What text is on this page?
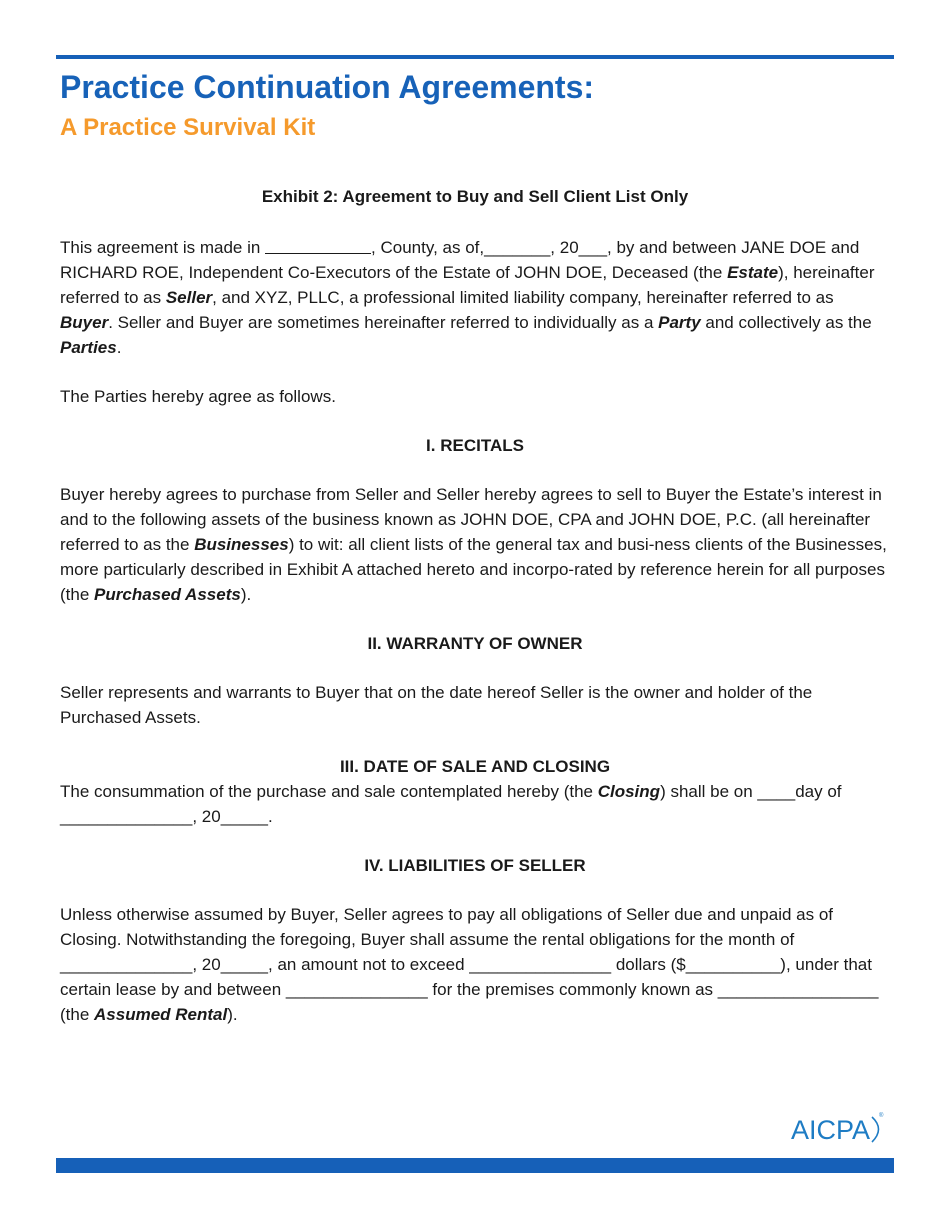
Practice Continuation Agreements:
A Practice Survival Kit

Exhibit 2: Agreement to Buy and Sell Client List Only

This agreement is made in	, County, as of,_______, 20___, by and between JANE DOE and RICHARD ROE, Independent Co-Executors of the Estate of JOHN DOE, Deceased (the Estate), hereinafter referred to as Seller, and XYZ, PLLC, a professional limited liability company, hereinafter referred to as Buyer. Seller and Buyer are sometimes hereinafter referred to individually as a Party and collectively as the Parties.

The Parties hereby agree as follows.

I. RECITALS

Buyer hereby agrees to purchase from Seller and Seller hereby agrees to sell to Buyer the Estate’s interest in and to the following assets of the business known as JOHN DOE, CPA and JOHN DOE, P.C. (all hereinafter referred to as the Businesses) to wit: all client lists of the general tax and busi-ness clients of the Businesses, more particularly described in Exhibit A attached hereto and incorpo-rated by reference herein for all purposes (the Purchased Assets).

II. WARRANTY OF OWNER

Seller represents and warrants to Buyer that on the date hereof Seller is the owner and holder of the Purchased Assets.

III. DATE OF SALE AND CLOSING

The consummation of the purchase and sale contemplated hereby (the Closing) shall be on ____day of ______________, 20_____.

IV. LIABILITIES OF SELLER

Unless otherwise assumed by Buyer, Seller agrees to pay all obligations of Seller due and unpaid as of Closing. Notwithstanding the foregoing, Buyer shall assume the rental obligations for the month of ______________, 20_____, an amount not to exceed _______________ dollars ($__________), under that certain lease by and between _______________ for the premises commonly known as _________________ (the Assumed Rental).

AICPA ®
